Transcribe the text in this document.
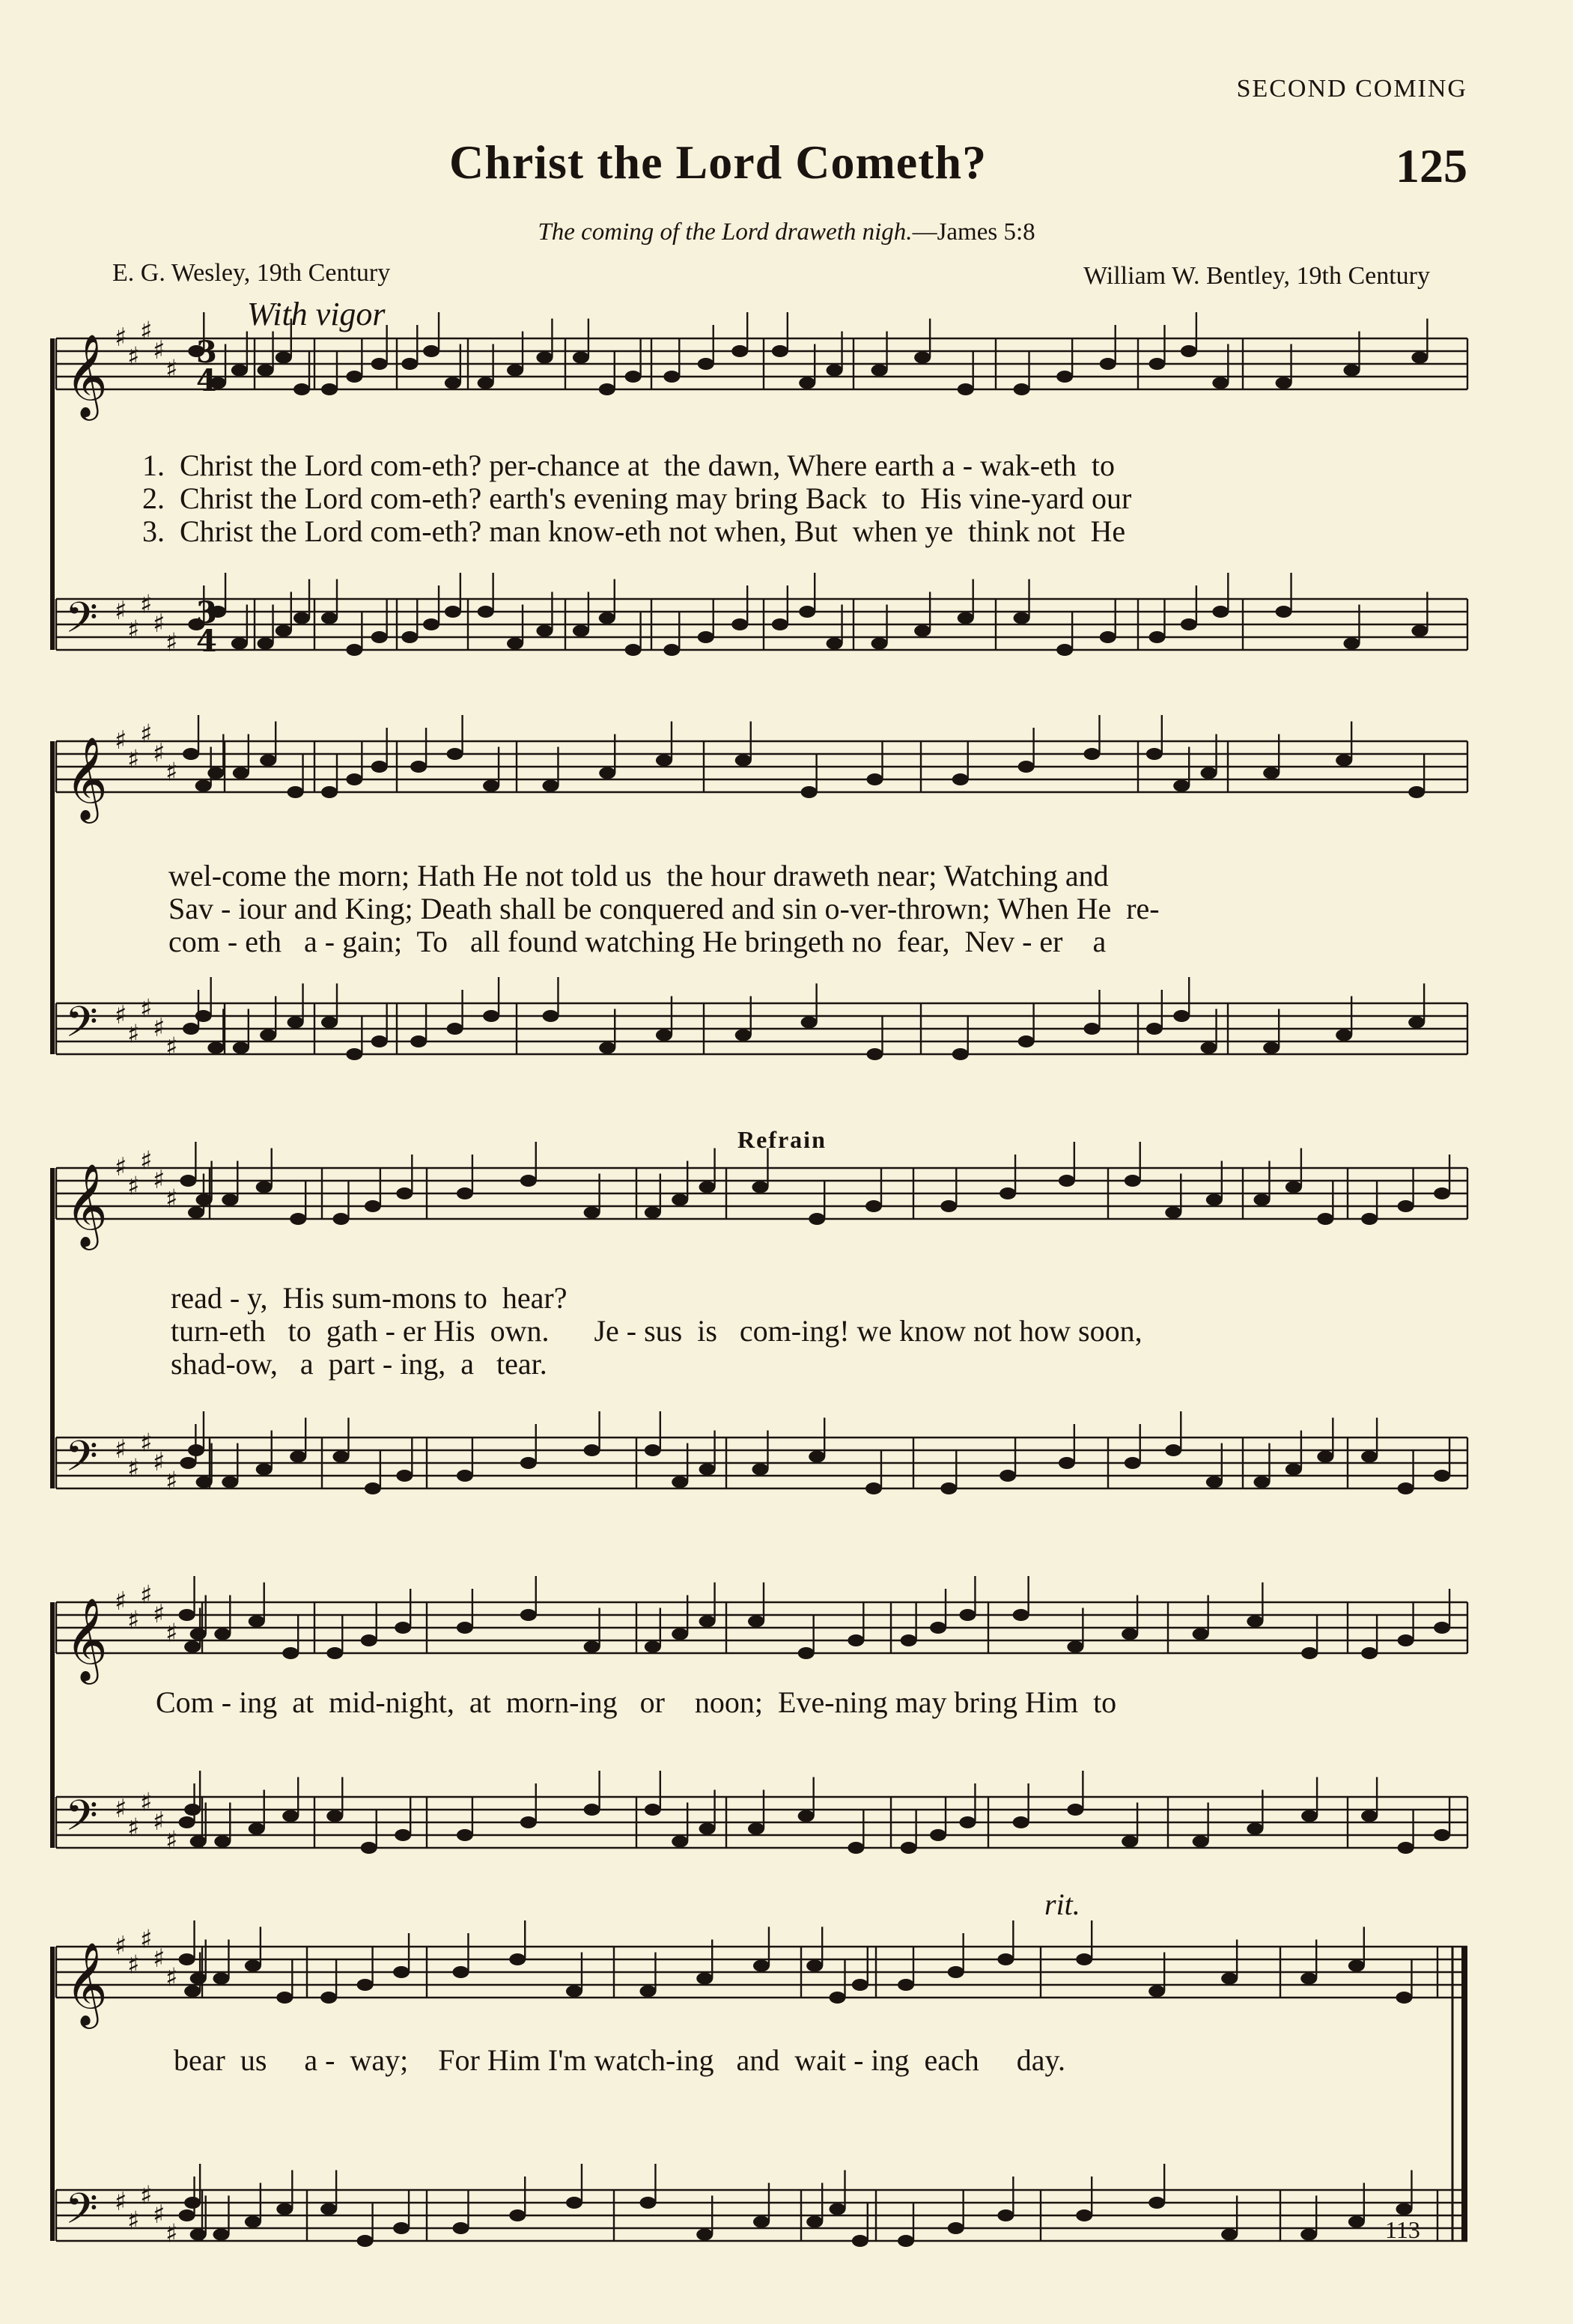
SECOND COMING
Christ the Lord Cometh?	125
The coming of the Lord draweth nigh.—James 5:8
E. G. Wesley, 19th Century	William W. Bentley, 19th Century
With vigor
Refrain
rit.
𝄞 ♯
♯
♯
♯
♯
𝄢 ♯
♯
♯
♯
♯
3
4
3
4
𝄞 ♯
♯
♯
♯
♯
𝄢 ♯
♯
♯
♯
♯
𝄞 ♯
♯
♯
♯
♯
𝄢 ♯
♯
♯
♯
♯
𝄞 ♯
♯
♯
♯
♯
𝄢 ♯
♯
♯
♯
♯
𝄞 ♯
♯
♯
♯
♯
𝄢 ♯
♯
♯
♯
♯
1.  Christ the Lord com-eth? per-chance at  the dawn, Where earth a - wak-eth  to
2.  Christ the Lord com-eth? earth's evening may bring Back  to  His vine-yard our
3.  Christ the Lord com-eth? man know-eth not when, But  when ye  think not  He
wel-come the morn; Hath He not told us  the hour draweth near; Watching and
Sav - iour and King; Death shall be conquered and sin o-ver-thrown; When He  re-
com - eth   a - gain;  To   all found watching He bringeth no  fear,  Nev - er    a
read - y,  His sum-mons to  hear?
turn-eth   to  gath - er His  own.      Je - sus  is   com-ing! we know not how soon,
shad-ow,   a  part - ing,  a   tear.
Com - ing  at  mid-night,  at  morn-ing   or    noon;  Eve-ning may bring Him  to
bear  us     a -  way;    For Him I'm watch-ing   and  wait - ing  each     day.
113
